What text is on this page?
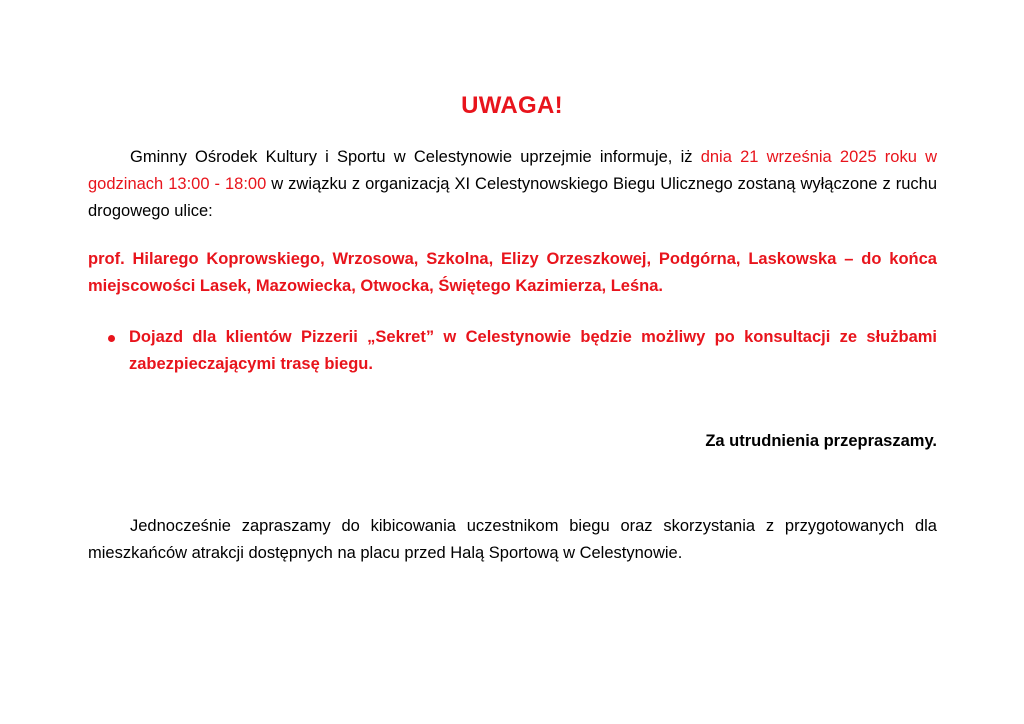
UWAGA!

Gminny Ośrodek Kultury i Sportu w Celestynowie uprzejmie informuje, iż dnia 21 września 2025 roku w godzinach 13:00 - 18:00 w związku z organizacją XI Celestynowskiego Biegu Ulicznego zostaną wyłączone z ruchu drogowego ulice:

prof. Hilarego Koprowskiego, Wrzosowa, Szkolna, Elizy Orzeszkowej, Podgórna, Laskowska – do końca miejscowości Lasek, Mazowiecka, Otwocka, Świętego Kazimierza, Leśna.

Dojazd dla klientów Pizzerii „Sekret” w Celestynowie będzie możliwy po konsultacji ze służbami zabezpieczającymi trasę biegu.

Za utrudnienia przepraszamy.

Jednocześnie zapraszamy do kibicowania uczestnikom biegu oraz skorzystania z przygotowanych dla mieszkańców atrakcji dostępnych na placu przed Halą Sportową w Celestynowie.
